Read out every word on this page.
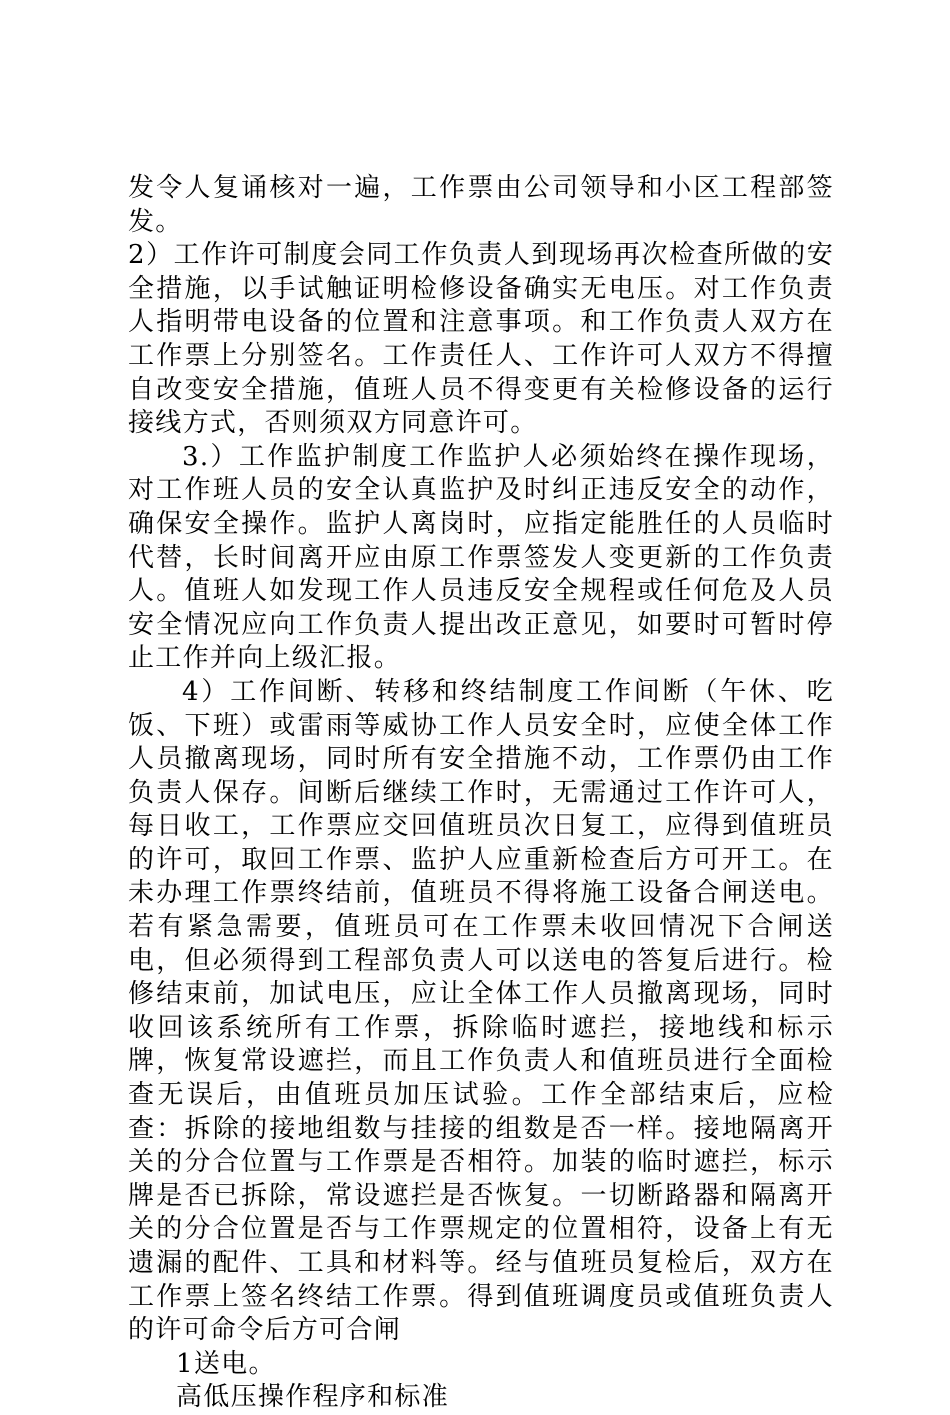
发令人复诵核对一遍，工作票由公司领导和小区工程部签发。

2）工作许可制度会同工作负责人到现场再次检查所做的安全措施，以手试触证明检修设备确实无电压。对工作负责人指明带电设备的位置和注意事项。和工作负责人双方在工作票上分别签名。工作责任人、工作许可人双方不得擅自改变安全措施，值班人员不得变更有关检修设备的运行接线方式，否则须双方同意许可。

3.）工作监护制度工作监护人必须始终在操作现场，对工作班人员的安全认真监护及时纠正违反安全的动作，确保安全操作。监护人离岗时，应指定能胜任的人员临时代替，长时间离开应由原工作票签发人变更新的工作负责人。值班人如发现工作人员违反安全规程或任何危及人员安全情况应向工作负责人提出改正意见，如要时可暂时停止工作并向上级汇报。

4）工作间断、转移和终结制度工作间断（午休、吃饭、下班）或雷雨等威协工作人员安全时，应使全体工作人员撤离现场，同时所有安全措施不动，工作票仍由工作负责人保存。间断后继续工作时，无需通过工作许可人，每日收工，工作票应交回值班员次日复工，应得到值班员的许可，取回工作票、监护人应重新检查后方可开工。在未办理工作票终结前，值班员不得将施工设备合闸送电。若有紧急需要，值班员可在工作票未收回情况下合闸送电，但必须得到工程部负责人可以送电的答复后进行。检修结束前，加试电压，应让全体工作人员撤离现场，同时收回该系统所有工作票，拆除临时遮拦，接地线和标示牌，恢复常设遮拦，而且工作负责人和值班员进行全面检查无误后，由值班员加压试验。工作全部结束后，应检查：拆除的接地组数与挂接的组数是否一样。接地隔离开关的分合位置与工作票是否相符。加装的临时遮拦，标示牌是否已拆除，常设遮拦是否恢复。一切断路器和隔离开关的分合位置是否与工作票规定的位置相符，设备上有无遗漏的配件、工具和材料等。经与值班员复检后，双方在工作票上签名终结工作票。得到值班调度员或值班负责人的许可命令后方可合闸

1送电。

高低压操作程序和标准
